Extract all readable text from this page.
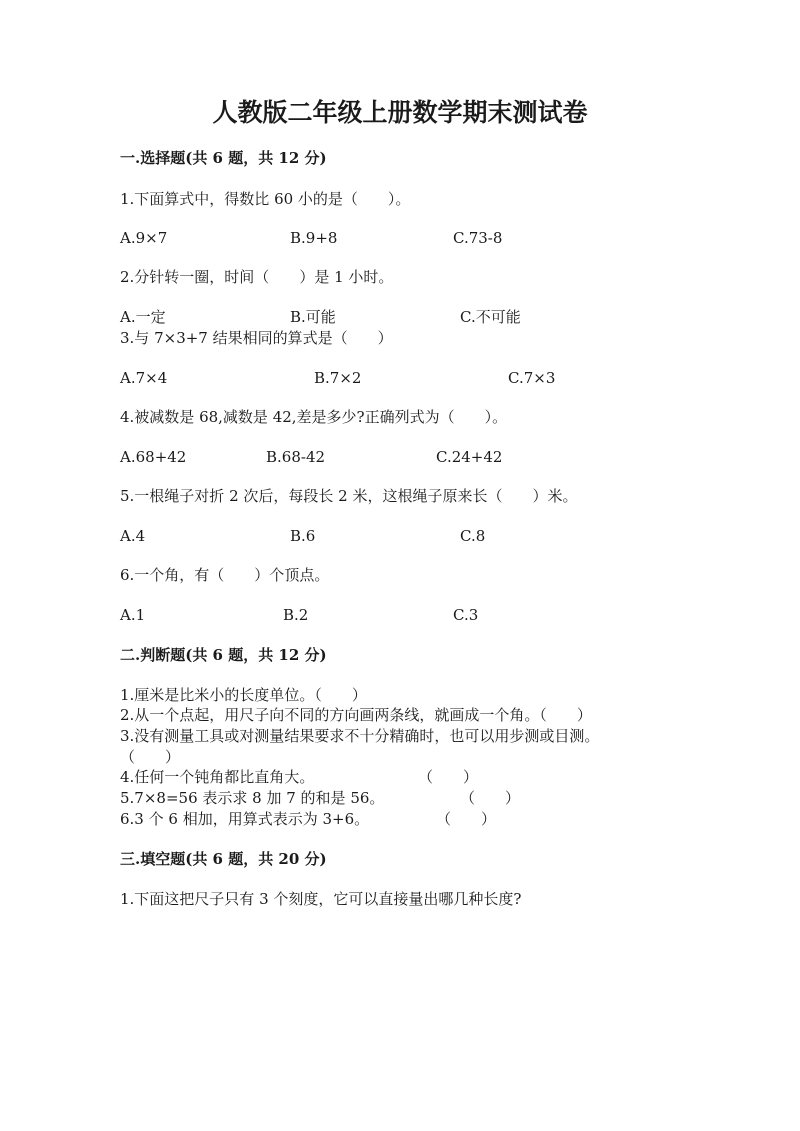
人教版二年级上册数学期末测试卷
一.选择题(共 6 题，共 12 分)
1.下面算式中，得数比 60 小的是（　　）。
A.9×7	B.9+8	C.73-8
2.分针转一圈，时间（　　）是 1 小时。
A.一定	B.可能	C.不可能
3.与 7×3+7 结果相同的算式是（　　）
A.7×4	B.7×2	C.7×3
4.被减数是 68,减数是 42,差是多少?正确列式为（　　）。
A.68+42	B.68-42	C.24+42
5.一根绳子对折 2 次后，每段长 2 米，这根绳子原来长（　　）米。
A.4	B.6	C.8
6.一个角，有（　　）个顶点。
A.1	B.2	C.3
二.判断题(共 6 题，共 12 分)
1.厘米是比米小的长度单位。（　　）
2.从一个点起，用尺子向不同的方向画两条线，就画成一个角。（　　）
3.没有测量工具或对测量结果要求不十分精确时，也可以用步测或目测。
（　　）
4.任何一个钝角都比直角大。	（　　）
5.7×8=56 表示求 8 加 7 的和是 56。	（　　）
6.3 个 6 相加，用算式表示为 3+6。	（　　）
三.填空题(共 6 题，共 20 分)
1.下面这把尺子只有 3 个刻度，它可以直接量出哪几种长度?
